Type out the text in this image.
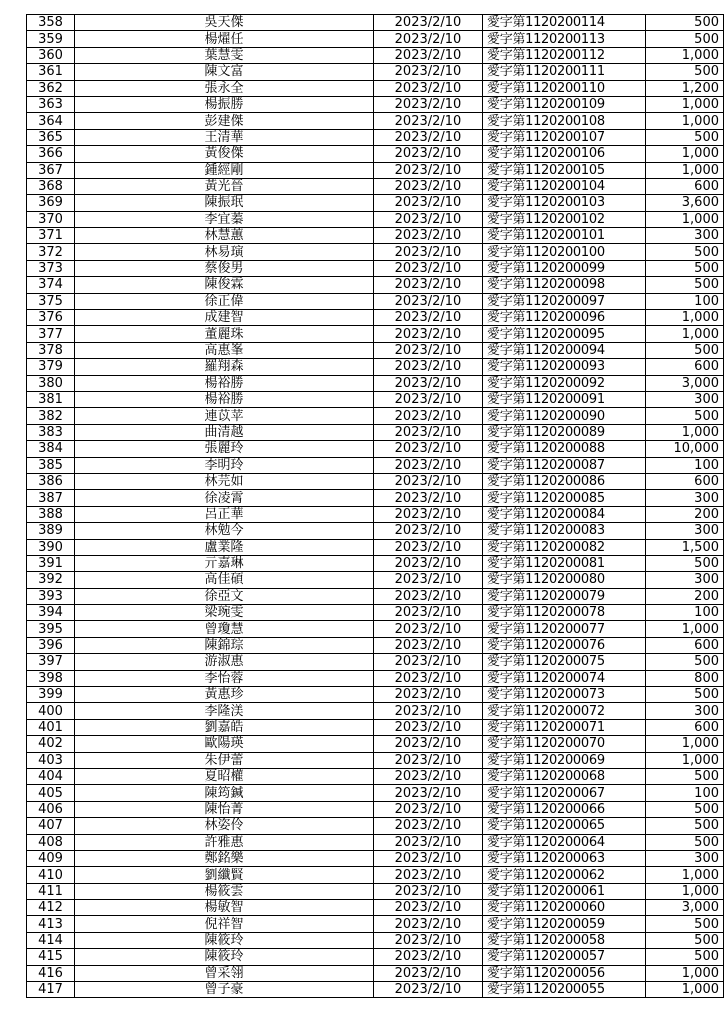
358	吳天傑	2023/2/10	愛字第1120200114	500
359	楊燿任	2023/2/10	愛字第1120200113	500
360	葉慧雯	2023/2/10	愛字第1120200112	1,000
361	陳文富	2023/2/10	愛字第1120200111	500
362	張永全	2023/2/10	愛字第1120200110	1,200
363	楊振勝	2023/2/10	愛字第1120200109	1,000
364	彭建傑	2023/2/10	愛字第1120200108	1,000
365	王清華	2023/2/10	愛字第1120200107	500
366	黃俊傑	2023/2/10	愛字第1120200106	1,000
367	鍾經剛	2023/2/10	愛字第1120200105	1,000
368	黃光晉	2023/2/10	愛字第1120200104	600
369	陳振珉	2023/2/10	愛字第1120200103	3,600
370	李宜蓁	2023/2/10	愛字第1120200102	1,000
371	林慧蕙	2023/2/10	愛字第1120200101	300
372	林易璌	2023/2/10	愛字第1120200100	500
373	蔡俊男	2023/2/10	愛字第1120200099	500
374	陳俊霖	2023/2/10	愛字第1120200098	500
375	徐正偉	2023/2/10	愛字第1120200097	100
376	成建智	2023/2/10	愛字第1120200096	1,000
377	董麗珠	2023/2/10	愛字第1120200095	1,000
378	高惠峯	2023/2/10	愛字第1120200094	500
379	羅翔森	2023/2/10	愛字第1120200093	600
380	楊裕勝	2023/2/10	愛字第1120200092	3,000
381	楊裕勝	2023/2/10	愛字第1120200091	300
382	連苡苹	2023/2/10	愛字第1120200090	500
383	曲清越	2023/2/10	愛字第1120200089	1,000
384	張麗玲	2023/2/10	愛字第1120200088	10,000
385	李明玲	2023/2/10	愛字第1120200087	100
386	林芫如	2023/2/10	愛字第1120200086	600
387	徐凌霄	2023/2/10	愛字第1120200085	300
388	呂正華	2023/2/10	愛字第1120200084	200
389	林勉今	2023/2/10	愛字第1120200083	300
390	盧業隆	2023/2/10	愛字第1120200082	1,500
391	亓嘉琳	2023/2/10	愛字第1120200081	500
392	高佳碩	2023/2/10	愛字第1120200080	300
393	徐亞文	2023/2/10	愛字第1120200079	200
394	梁琬雯	2023/2/10	愛字第1120200078	100
395	曾瓊慧	2023/2/10	愛字第1120200077	1,000
396	陳錦琮	2023/2/10	愛字第1120200076	600
397	游淑惠	2023/2/10	愛字第1120200075	500
398	李怡蓉	2023/2/10	愛字第1120200074	800
399	黃惠珍	2023/2/10	愛字第1120200073	500
400	李隆渼	2023/2/10	愛字第1120200072	300
401	劉嘉皓	2023/2/10	愛字第1120200071	600
402	歐陽瑛	2023/2/10	愛字第1120200070	1,000
403	朱伊蕾	2023/2/10	愛字第1120200069	1,000
404	夏昭權	2023/2/10	愛字第1120200068	500
405	陳筠鍼	2023/2/10	愛字第1120200067	100
406	陳怡菁	2023/2/10	愛字第1120200066	500
407	林姿伶	2023/2/10	愛字第1120200065	500
408	許雅惠	2023/2/10	愛字第1120200064	500
409	鄭銘樂	2023/2/10	愛字第1120200063	300
410	劉纖賢	2023/2/10	愛字第1120200062	1,000
411	楊筱雲	2023/2/10	愛字第1120200061	1,000
412	楊敏智	2023/2/10	愛字第1120200060	3,000
413	倪祥智	2023/2/10	愛字第1120200059	500
414	陳筱玲	2023/2/10	愛字第1120200058	500
415	陳筱玲	2023/2/10	愛字第1120200057	500
416	曾采翎	2023/2/10	愛字第1120200056	1,000
417	曾子豪	2023/2/10	愛字第1120200055	1,000
